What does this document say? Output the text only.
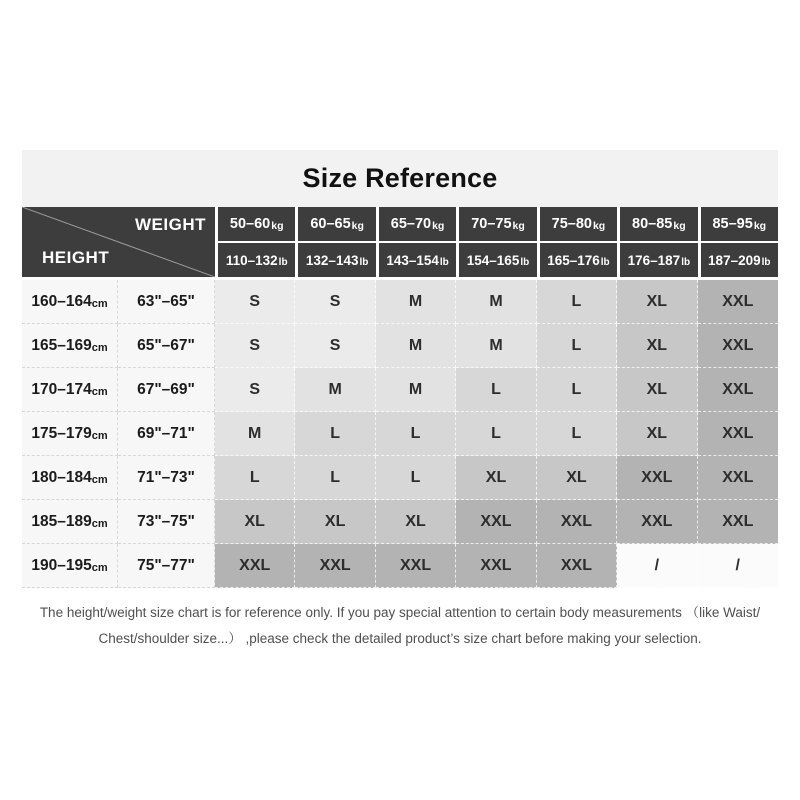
Size Reference
WEIGHT
HEIGHT
50–60 kg 60–65 kg 65–70 kg 70–75 kg 75–80 kg 80–85 kg 85–95 kg
110–132 lb 132–143 lb 143–154 lb 154–165 lb 165–176 lb 176–187 lb 187–209 lb
160–164 cm 63"–65"	S	S	M	M	L	XL	XXL
165–169 cm 65"–67"	S	S	M	M	L	XL	XXL
170–174 cm 67"–69"	S	M	M	L	L	XL	XXL
175–179 cm 69"–71"	M	L	L	L	L	XL	XXL
180–184 cm 71"–73"	L	L	L	XL	XL	XXL	XXL
185–189 cm 73"–75"	XL	XL	XL	XXL	XXL	XXL	XXL
190–195 cm 75"–77"	XXL	XXL	XXL	XXL	XXL	/	/
The height/weight size chart is for reference only. If you pay special attention to certain body measurements （like Waist/
Chest/shoulder size...） ,please check the detailed product’s size chart before making your selection.
